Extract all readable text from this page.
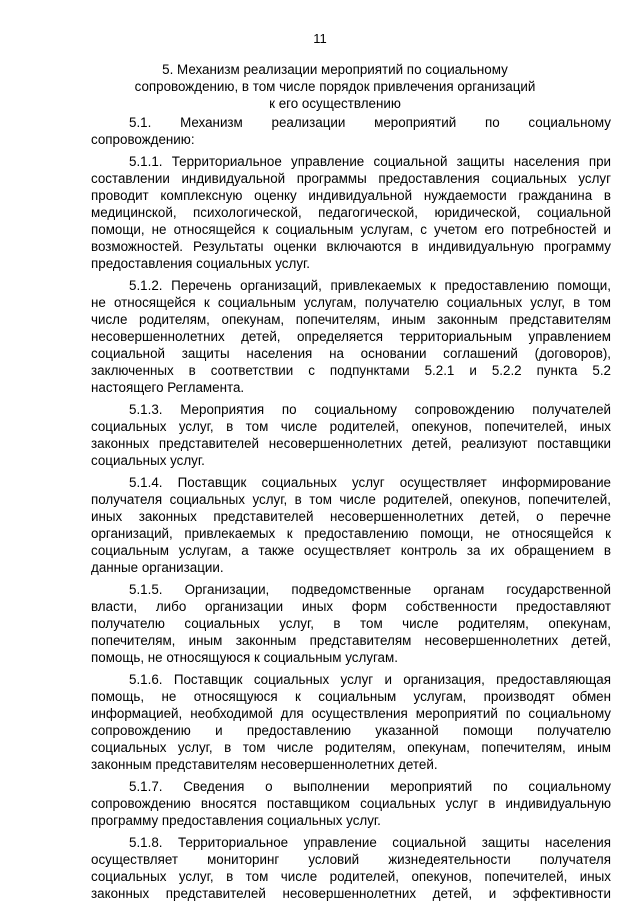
11
5. Механизм реализации мероприятий по социальному
сопровождению, в том числе порядок привлечения организаций
к его осуществлению
5.1. Механизм реализации мероприятий по социальному
сопровождению:
5.1.1. Территориальное управление социальной защиты населения при
составлении индивидуальной программы предоставления социальных услуг
проводит комплексную оценку индивидуальной нуждаемости гражданина в
медицинской, психологической, педагогической, юридической, социальной
помощи, не относящейся к социальным услугам, с учетом его потребностей и
возможностей. Результаты оценки включаются в индивидуальную программу
предоставления социальных услуг.
5.1.2. Перечень организаций, привлекаемых к предоставлению помощи,
не относящейся к социальным услугам, получателю социальных услуг, в том
числе родителям, опекунам, попечителям, иным законным представителям
несовершеннолетних детей, определяется территориальным управлением
социальной защиты населения на основании соглашений (договоров),
заключенных в соответствии с подпунктами 5.2.1 и 5.2.2 пункта 5.2
настоящего Регламента.
5.1.3. Мероприятия по социальному сопровождению получателей
социальных услуг, в том числе родителей, опекунов, попечителей, иных
законных представителей несовершеннолетних детей, реализуют поставщики
социальных услуг.
5.1.4. Поставщик социальных услуг осуществляет информирование
получателя социальных услуг, в том числе родителей, опекунов, попечителей,
иных законных представителей несовершеннолетних детей, о перечне
организаций, привлекаемых к предоставлению помощи, не относящейся к
социальным услугам, а также осуществляет контроль за их обращением в
данные организации.
5.1.5. Организации, подведомственные органам государственной
власти, либо организации иных форм собственности предоставляют
получателю социальных услуг, в том числе родителям, опекунам,
попечителям, иным законным представителям несовершеннолетних детей,
помощь, не относящуюся к социальным услугам.
5.1.6. Поставщик социальных услуг и организация, предоставляющая
помощь, не относящуюся к социальным услугам, производят обмен
информацией, необходимой для осуществления мероприятий по социальному
сопровождению и предоставлению указанной помощи получателю
социальных услуг, в том числе родителям, опекунам, попечителям, иным
законным представителям несовершеннолетних детей.
5.1.7. Сведения о выполнении мероприятий по социальному
сопровождению вносятся поставщиком социальных услуг в индивидуальную
программу предоставления социальных услуг.
5.1.8. Территориальное управление социальной защиты населения
осуществляет мониторинг условий жизнедеятельности получателя
социальных услуг, в том числе родителей, опекунов, попечителей, иных
законных представителей несовершеннолетних детей, и эффективности
